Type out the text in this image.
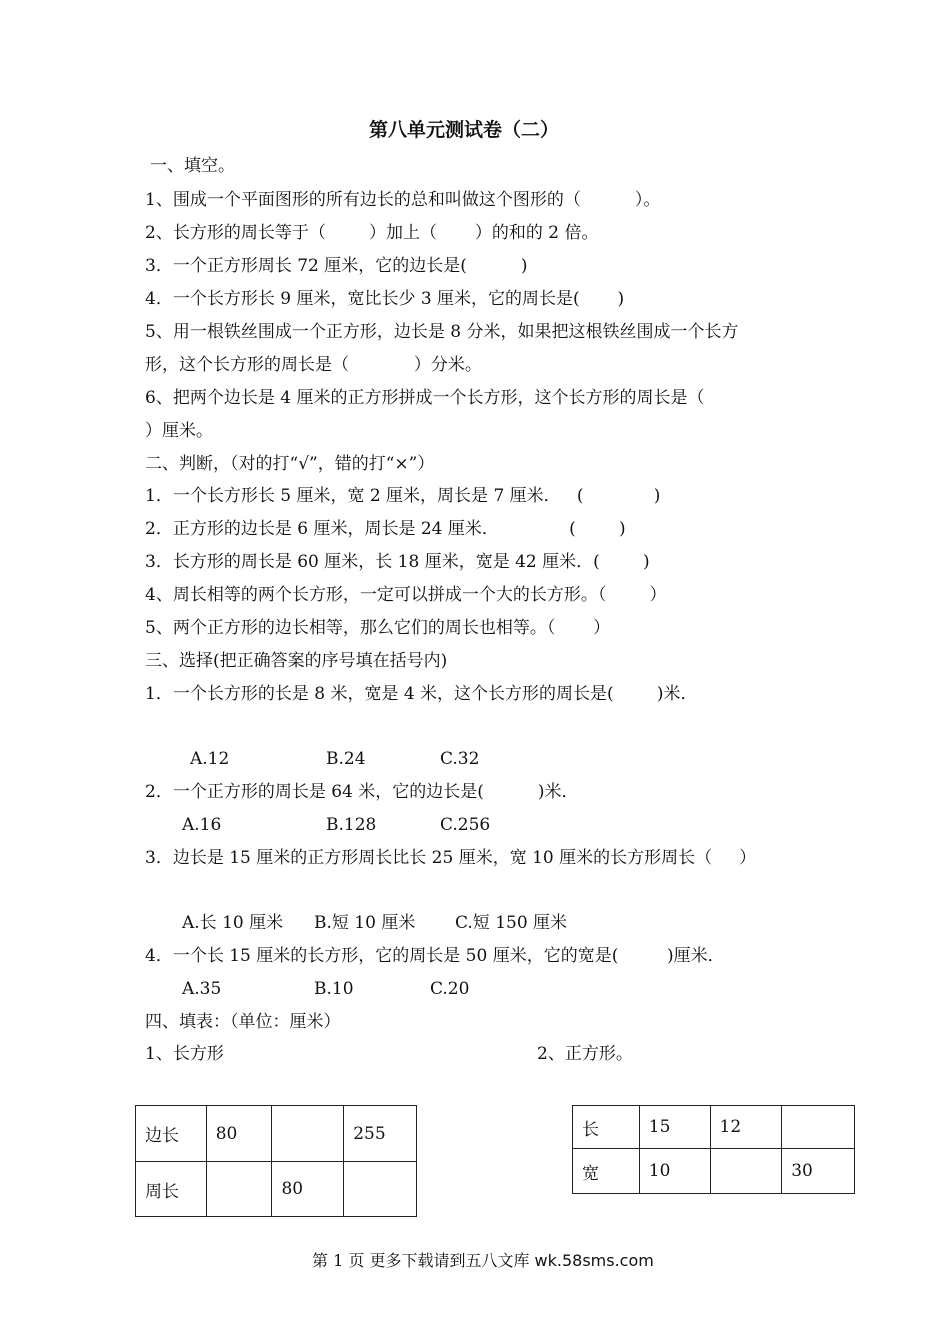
第八单元测试卷（二）
一、填空。
1、围成一个平面图形的所有边长的总和叫做这个图形的（          ）。
2、长方形的周长等于（        ）加上（       ）的和的 2 倍。
3．一个正方形周长 72 厘米，它的边长是(          )
4．一个长方形长 9 厘米，宽比长少 3 厘米，它的周长是(       )
5、用一根铁丝围成一个正方形，边长是 8 分米，如果把这根铁丝围成一个长方
形，这个长方形的周长是（            ）分米。
6、把两个边长是 4 厘米的正方形拼成一个长方形，这个长方形的周长是（
）厘米。
二、判断，（对的打“√”，错的打“×”）
1．一个长方形长 5 厘米，宽 2 厘米，周长是 7 厘米．   (             )
2．正方形的边长是 6 厘米，周长是 24 厘米．             (        )
3．长方形的周长是 60 厘米，长 18 厘米，宽是 42 厘米．(        )
4、周长相等的两个长方形，一定可以拼成一个大的长方形。（        ）
5、两个正方形的边长相等，那么它们的周长也相等。（       ）
三、选择(把正确答案的序号填在括号内)
1．一个长方形的长是 8 米，宽是 4 米，这个长方形的周长是(        )米．
A.12	B.24	C.32
2．一个正方形的周长是 64 米，它的边长是(          )米．
A.16	B.128	C.256
3．边长是 15 厘米的正方形周长比长 25 厘米，宽 10 厘米的长方形周长（     ）
A.长 10 厘米 B.短 10 厘米 C.短 150 厘米
4．一个长 15 厘米的长方形，它的周长是 50 厘米，它的宽是(         )厘米．
A.35	B.10	C.20
四、填表：（单位：厘米）
1、长方形	2、正方形。
边长	80		255
周长		80	
长	15	12	
宽	10		30
第 1 页 更多下载请到五八文库 wk.58sms.com
